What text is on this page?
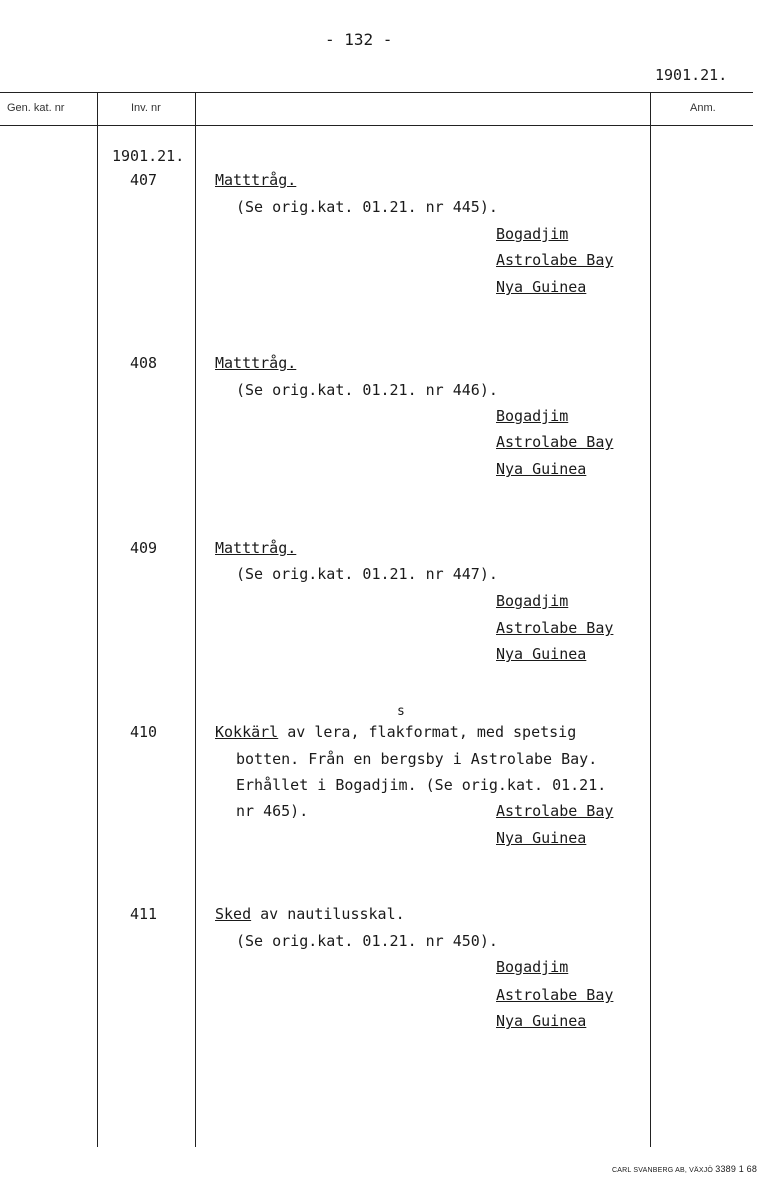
- 132 -
1901.21.
Gen. kat. nr	Inv. nr	Anm.
1901.21.
407	Matttråg.
(Se orig.kat. 01.21. nr 445).
Bogadjim
Astrolabe Bay
Nya Guinea
408	Matttråg.
(Se orig.kat. 01.21. nr 446).
Bogadjim
Astrolabe Bay
Nya Guinea
409	Matttråg.
(Se orig.kat. 01.21. nr 447).
Bogadjim
Astrolabe Bay
Nya Guinea
s
410	Kokkärl av lera, flakformat, med spetsig
botten. Från en bergsby i Astrolabe Bay.
Erhållet i Bogadjim. (Se orig.kat. 01.21.
nr 465).	Astrolabe Bay
Nya Guinea
411	Sked av nautilusskal.
(Se orig.kat. 01.21. nr 450).
Bogadjim
Astrolabe Bay
Nya Guinea
CARL SVANBERG AB, VÄXJÖ 3389 1 68
